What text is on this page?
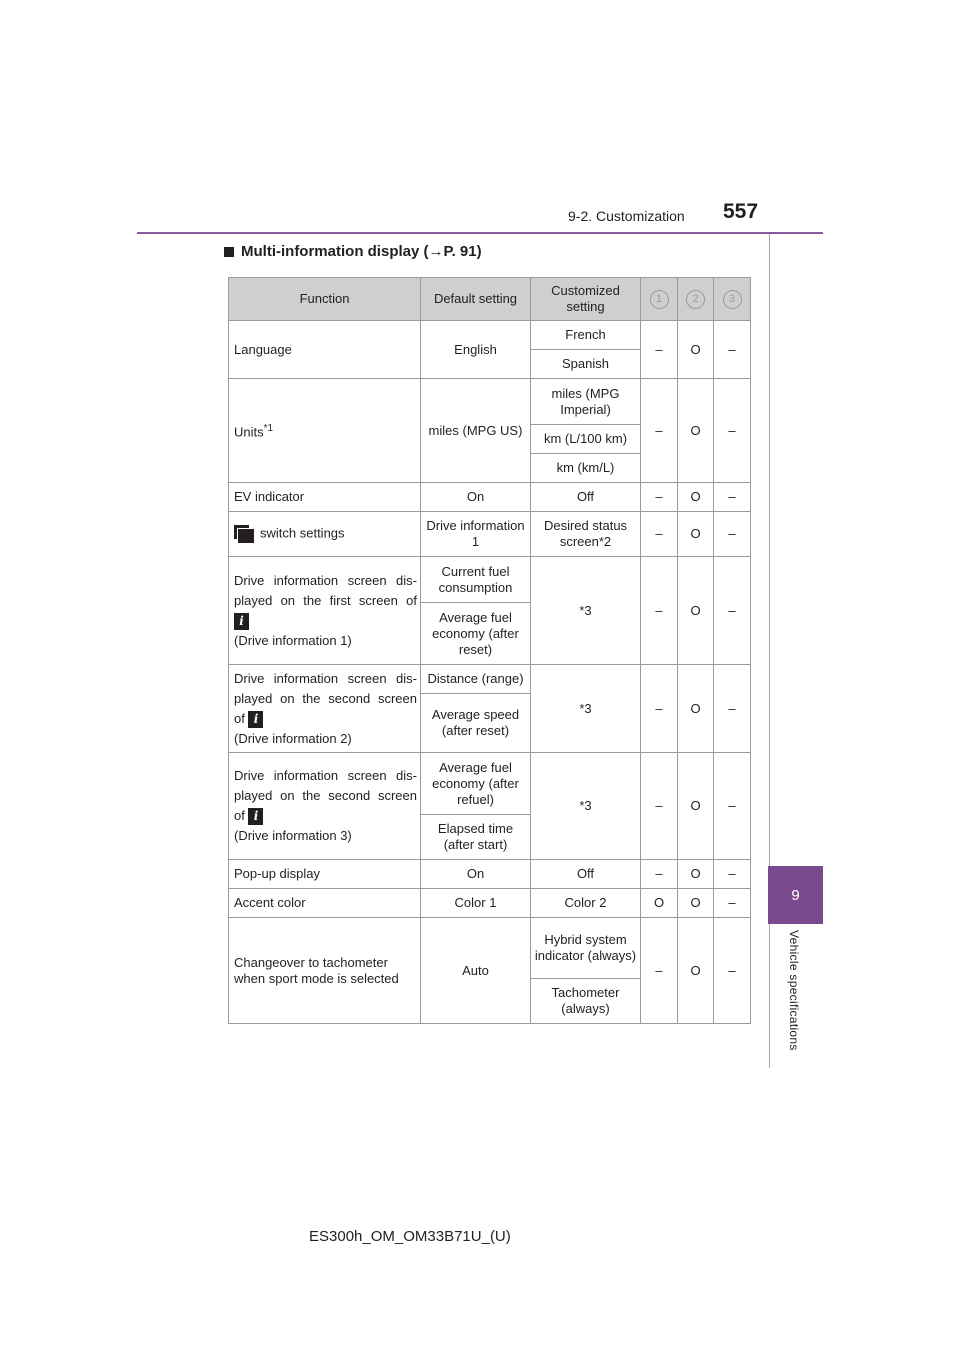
9-2. Customization 557
9
Vehicle specifications
Multi-information display (→P. 91)
Function	Default setting	Customized setting	1	2	3
Language	English	French	–	O	–
		Spanish			
Units$^{*1}$	miles (MPG US)	miles (MPG Imperial)	–	O	–
		km (L/100 km)			
		km (km/L)			
EV indicator	On	Off	–	O	–

switch settings	Drive information 1	Desired status screen*2	–	O	–

Drive information screen dis-
played on the first screen of
i
(Drive information 1)	Current fuel consumption	*3	–	O	–
	Average fuel economy (after reset)				

Drive information screen dis-
played on the second screen
of i
(Drive information 2)	Distance (range)	*3	–	O	–
	Average speed (after reset)				

Drive information screen dis-
played on the second screen
of i
(Drive information 3)	Average fuel economy (after refuel)	*3	–	O	–
	Elapsed time (after start)				
Pop-up display	On	Off	–	O	–
Accent color	Color 1	Color 2	O	O	–
Changeover to tachometer when sport mode is selected	Auto	Hybrid system indicator (always)	–	O	–
		Tachometer (always)			
ES300h_OM_OM33B71U_(U)
